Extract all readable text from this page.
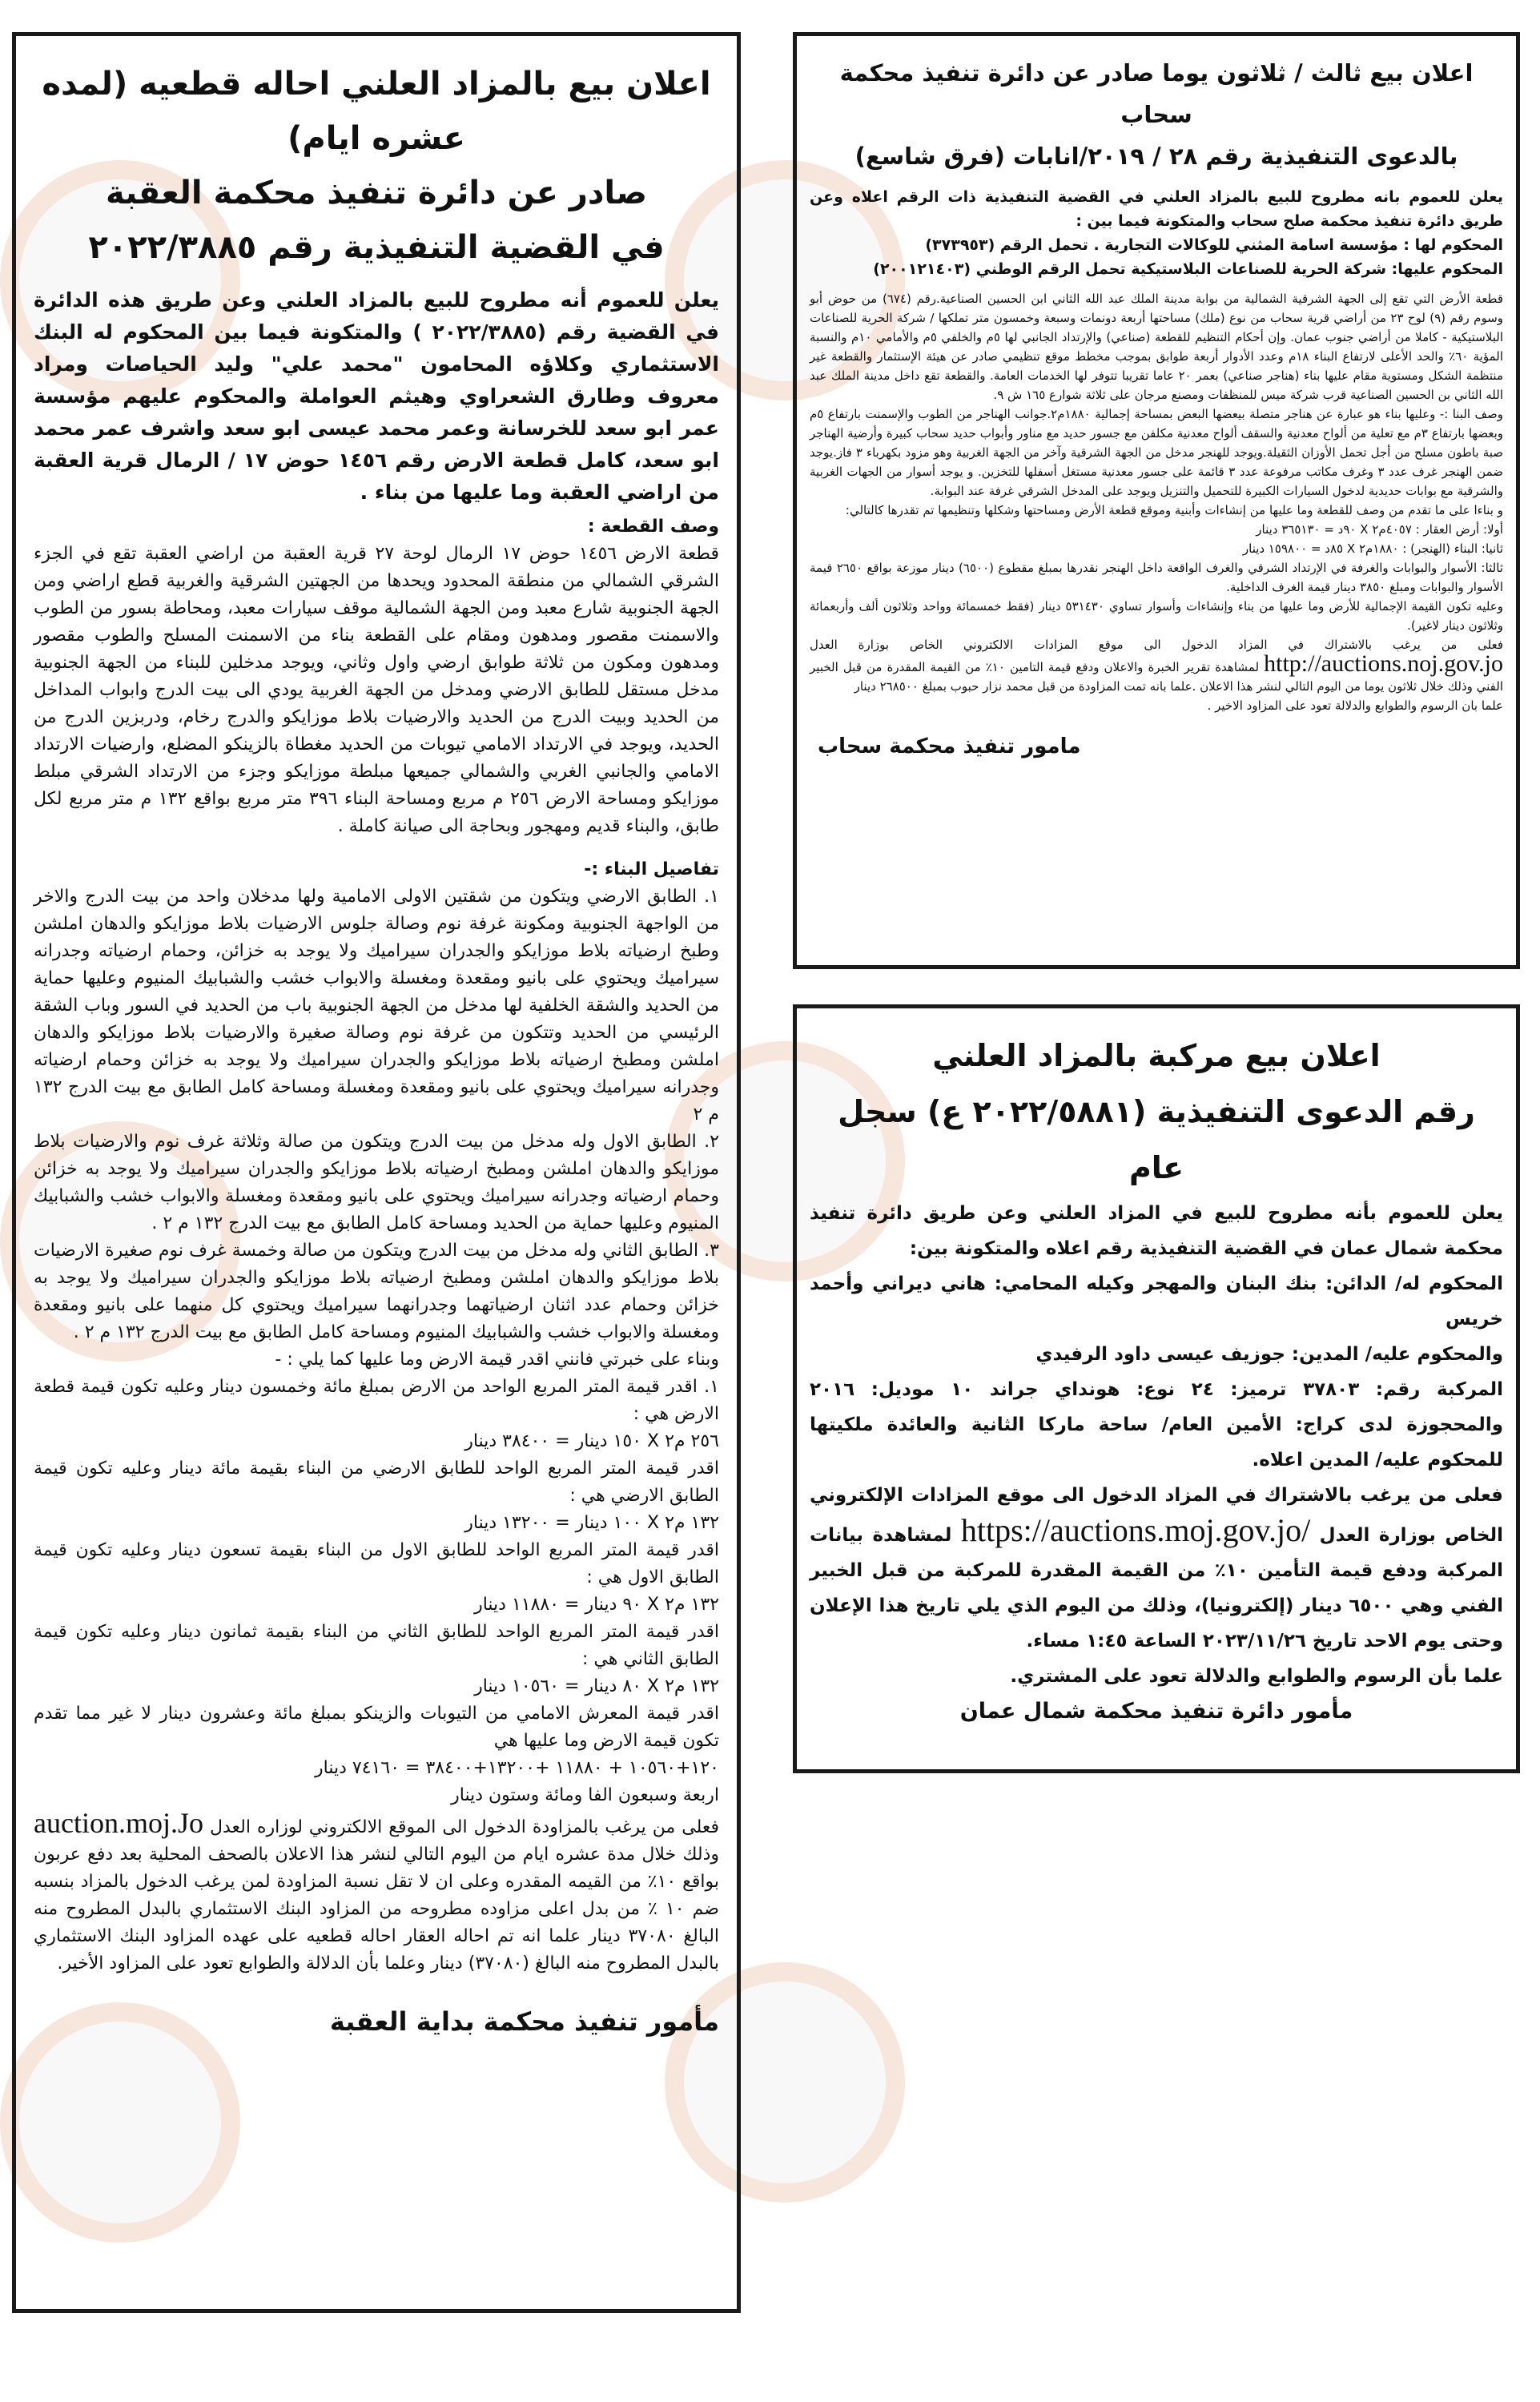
اعلان بيع بالمزاد العلني احاله قطعيه (لمده عشره ايام)
صادر عن دائرة تنفيذ محكمة العقبة
في القضية التنفيذية رقم ٢٠٢٢/٣٨٨٥

يعلن للعموم أنه مطروح للبيع بالمزاد العلني وعن طريق هذه الدائرة في القضية رقم (٢٠٢٢/٣٨٨٥ ) والمتكونة فيما بين المحكوم له البنك الاستثماري وكلاؤه المحامون "محمد علي" وليد الحياصات ومراد معروف وطارق الشعراوي وهيثم العواملة والمحكوم عليهم مؤسسة عمر ابو سعد للخرسانة وعمر محمد عيسى ابو سعد واشرف عمر محمد ابو سعد، كامل قطعة الارض رقم ١٤٥٦ حوض ١٧ / الرمال قرية العقبة من اراضي العقبة وما عليها من بناء .

وصف القطعة :

قطعة الارض ١٤٥٦ حوض ١٧ الرمال لوحة ٢٧ قرية العقبة من اراضي العقبة تقع في الجزء الشرقي الشمالي من منطقة المحدود ويحدها من الجهتين الشرقية والغربية قطع اراضي ومن الجهة الجنوبية شارع معبد ومن الجهة الشمالية موقف سيارات معبد، ومحاطة بسور من الطوب والاسمنت مقصور ومدهون ومقام على القطعة بناء من الاسمنت المسلح والطوب مقصور ومدهون ومكون من ثلاثة طوابق ارضي واول وثاني، ويوجد مدخلين للبناء من الجهة الجنوبية مدخل مستقل للطابق الارضي ومدخل من الجهة الغربية يودي الى بيت الدرج وابواب المداخل من الحديد وبيت الدرج من الحديد والارضيات بلاط موزايكو والدرج رخام، ودربزين الدرج من الحديد، ويوجد في الارتداد الامامي تيوبات من الحديد مغطاة بالزينكو المضلع، وارضيات الارتداد الامامي والجانبي الغربي والشمالي جميعها مبلطة موزايكو وجزء من الارتداد الشرقي مبلط موزايكو ومساحة الارض ٢٥٦ م مربع ومساحة البناء ٣٩٦ متر مربع بواقع ١٣٢ م متر مربع لكل طابق، والبناء قديم ومهجور وبحاجة الى صيانة كاملة .

تفاصيل البناء :-

١. الطابق الارضي ويتكون من شقتين الاولى الامامية ولها مدخلان واحد من بيت الدرج والاخر من الواجهة الجنوبية ومكونة غرفة نوم وصالة جلوس الارضيات بلاط موزايكو والدهان املشن وطبخ ارضياته بلاط موزايكو والجدران سيراميك ولا يوجد به خزائن، وحمام ارضياته وجدرانه سيراميك ويحتوي على بانيو ومقعدة ومغسلة والابواب خشب والشبابيك المنيوم وعليها حماية من الحديد والشقة الخلفية لها مدخل من الجهة الجنوبية باب من الحديد في السور وباب الشقة الرئيسي من الحديد وتتكون من غرفة نوم وصالة صغيرة والارضيات بلاط موزايكو والدهان املشن ومطبخ ارضياته بلاط موزايكو والجدران سيراميك ولا يوجد به خزائن وحمام ارضياته وجدرانه سيراميك ويحتوي على بانيو ومقعدة ومغسلة ومساحة كامل الطابق مع بيت الدرج ١٣٢ م ٢

٢. الطابق الاول وله مدخل من بيت الدرج ويتكون من صالة وثلاثة غرف نوم والارضيات بلاط موزايكو والدهان املشن ومطبخ ارضياته بلاط موزايكو والجدران سيراميك ولا يوجد به خزائن وحمام ارضياته وجدرانه سيراميك ويحتوي على بانيو ومقعدة ومغسلة والابواب خشب والشبابيك المنيوم وعليها حماية من الحديد ومساحة كامل الطابق مع بيت الدرج ١٣٢ م ٢ .

٣. الطابق الثاني وله مدخل من بيت الدرج ويتكون من صالة وخمسة غرف نوم صغيرة الارضيات بلاط موزايكو والدهان املشن ومطبخ ارضياته بلاط موزايكو والجدران سيراميك ولا يوجد به خزائن وحمام عدد اثنان ارضياتهما وجدرانهما سيراميك ويحتوي كل منهما على بانيو ومقعدة ومغسلة والابواب خشب والشبابيك المنيوم ومساحة كامل الطابق مع بيت الدرج ١٣٢ م ٢ .

وبناء على خبرتي فانني اقدر قيمة الارض وما عليها كما يلي : -

١. اقدر قيمة المتر المربع الواحد من الارض بمبلغ مائة وخمسون دينار وعليه تكون قيمة قطعة الارض هي :

٢٥٦ م٢ X ١٥٠ دينار = ٣٨٤٠٠ دينار

اقدر قيمة المتر المربع الواحد للطابق الارضي من البناء بقيمة مائة دينار وعليه تكون قيمة الطابق الارضي هي :

١٣٢ م٢ X ١٠٠ دينار = ١٣٢٠٠ دينار

اقدر قيمة المتر المربع الواحد للطابق الاول من البناء بقيمة تسعون دينار وعليه تكون قيمة الطابق الاول هي :

١٣٢ م٢ X ٩٠ دينار = ١١٨٨٠ دينار

اقدر قيمة المتر المربع الواحد للطابق الثاني من البناء بقيمة ثمانون دينار وعليه تكون قيمة الطابق الثاني هي :

١٣٢ م٢ X ٨٠ دينار = ١٠٥٦٠ دينار

اقدر قيمة المعرش الامامي من التيوبات والزينكو بمبلغ مائة وعشرون دينار لا غير مما تقدم تكون قيمة الارض وما عليها هي

١٢٠+١٠٥٦٠ + ١١٨٨٠ +١٣٢٠٠+٣٨٤٠٠ = ٧٤١٦٠ دينار

اربعة وسبعون الفا ومائة وستون دينار

فعلى من يرغب بالمزاودة الدخول الى الموقع الالكتروني لوزاره العدل auction.moj.Jo وذلك خلال مدة عشره ايام من اليوم التالي لنشر هذا الاعلان بالصحف المحلية بعد دفع عربون بواقع ١٠٪ من القيمه المقدره وعلى ان لا تقل نسبة المزاودة لمن يرغب الدخول بالمزاد بنسبه ضم ١٠ ٪ من بدل اعلى مزاوده مطروحه من المزاود البنك الاستثماري بالبدل المطروح منه البالغ ٣٧٠٨٠ دينار علما انه تم احاله العقار احاله قطعيه على عهده المزاود البنك الاستثماري بالبدل المطروح منه البالغ (٣٧٠٨٠) دينار وعلما بأن الدلالة والطوابع تعود على المزاود الأخير.

مأمور تنفيذ محكمة بداية العقبة

اعلان بيع ثالث / ثلاثون يوما صادر عن دائرة تنفيذ محكمة سحاب
بالدعوى التنفيذية رقم ٢٨ / ٢٠١٩/انابات (فرق شاسع)

يعلن للعموم بانه مطروح للبيع بالمزاد العلني في القضية التنفيذية ذات الرقم اعلاه وعن طريق دائرة تنفيذ محكمة صلح سحاب والمتكونة فيما بين :

المحكوم لها : مؤسسة اسامة المثني للوكالات التجارية . تحمل الرقم (٣٧٣٩٥٣)

المحكوم عليها: شركة الحرية للصناعات البلاستيكية تحمل الرقم الوطني (٢٠٠١٢١٤٠٣)

قطعة الأرض التي تقع إلى الجهة الشرقية الشمالية من بوابة مدينة الملك عبد الله الثاني ابن الحسين الصناعية.رقم (٦٧٤) من حوض أبو وسوم رقم (٩) لوح ٢٣ من أراضي قرية سحاب من نوع (ملك) مساحتها أربعة دونمات وسبعة وخمسون متر تملكها / شركة الحرية للصناعات البلاستيكية - كاملا من أراضي جنوب عمان. وإن أحكام التنظيم للقطعة (صناعي) والإرتداد الجانبي لها ٥م والخلفي ٥م والأمامي ١٠م والنسبة المؤية ٦٠٪ والحد الأعلى لارتفاع البناء ١٨م وعدد الأدوار أربعة طوابق بموجب مخطط موقع تنظيمي صادر عن هيئة الإستثمار والقطعة غير منتظمة الشكل ومستوية مقام عليها بناء (هناجر صناعي) بعمر ٢٠ عاما تقريبا تتوفر لها الخدمات العامة. والقطعة تقع داخل مدينة الملك عبد الله الثاني بن الحسين الصناعية قرب شركة ميس للمنظفات ومصنع مرجان على ثلاثة شوارع ١٦٥ ش ٩.

وصف البنا :- وعليها بناء هو عبارة عن هناجر متصلة بيعضها البعض بمساحة إجمالية ١٨٨٠م٢.جوانب الهناجر من الطوب والإسمنت بارتفاع ٥م وبعضها بارتفاع ٣م مع تعلية من ألواح معدنية والسقف ألواح معدنية مكلفن مع جسور حديد مع مناور وأبواب حديد سحاب كبيرة وأرضية الهناجر صبة باطون مسلح من أجل تحمل الأوزان الثقيلة.ويوجد للهنجر مدخل من الجهة الشرقية وآخر من الجهة الغربية وهو مزود بكهرباء ٣ فاز.يوجد ضمن الهنجر غرف عدد ٣ وغرف مكاتب مرفوعة عدد ٣ قائمة على جسور معدنية مستغل أسفلها للتخزين. و يوجد أسوار من الجهات الغربية والشرقية مع بوابات حديدية لدخول السيارات الكبيرة للتحميل والتنزيل ويوجد على المدخل الشرقي غرفة عند البوابة.

و بناءا على ما تقدم من وصف للقطعة وما عليها من إنشاءات وأبنية وموقع قطعة الأرض ومساحتها وشكلها وتنظيمها تم تقدرها كالتالي:

أولا: أرض العقار : ٤٠٥٧م٢ X ٩٠د = ٣٦٥١٣٠ دينار

ثانيا: البناء (الهنجر) : ١٨٨٠م٢ X ٨٥د = ١٥٩٨٠٠ دينار

ثالثا: الأسوار والبوابات والغرفة في الإرتداد الشرقي والغرف الواقعة داخل الهنجر نقدرها بمبلغ مقطوع (٦٥٠٠) دينار موزعة بواقع ٢٦٥٠ قيمة الأسوار والبوابات ومبلغ ٣٨٥٠ دينار قيمة الغرف الداخلية.

وعليه تكون القيمة الإجمالية للأرض وما عليها من بناء وإنشاءات وأسوار تساوي ٥٣١٤٣٠ دينار (فقط خمسمائة وواحد وثلاثون ألف وأربعمائة وثلاثون دينار لاغير).

فعلى من يرغب بالاشتراك في المزاد الدخول الى موقع المزادات الالكتروني الخاص بوزارة العدل http://auctions.noj.gov.jo لمشاهدة تقرير الخبرة والاعلان ودفع قيمة التامين ١٠٪ من القيمة المقدرة من قبل الخبير الفني وذلك خلال ثلاثون يوما من اليوم التالي لنشر هذا الاعلان .علما بانه تمت المزاودة من قبل محمد نزار حبوب بمبلغ ٢٦٨٥٠٠ دينار

علما بان الرسوم والطوابع والدلالة تعود على المزاود الاخير .

مامور تنفيذ محكمة سحاب

اعلان بيع مركبة بالمزاد العلني
رقم الدعوى التنفيذية (٢٠٢٢/٥٨٨١ ع) سجل عام

يعلن للعموم بأنه مطروح للبيع في المزاد العلني وعن طريق دائرة تنفيذ محكمة شمال عمان في القضية التنفيذية رقم اعلاه والمتكونة بين:

المحكوم له/ الدائن: بنك البنان والمهجر وكيله المحامي: هاني ديراني وأحمد خريس

والمحكوم عليه/ المدين: جوزيف عيسى داود الرفيدي

المركبة رقم: ٣٧٨٠٣ ترميز: ٢٤ نوع: هونداي جراند ١٠ موديل: ٢٠١٦ والمحجوزة لدى كراج: الأمين العام/ ساحة ماركا الثانية والعائدة ملكيتها للمحكوم عليه/ المدين اعلاه.

فعلى من يرغب بالاشتراك في المزاد الدخول الى موقع المزادات الإلكتروني الخاص بوزارة العدل https://auctions.moj.gov.jo/ لمشاهدة بيانات المركبة ودفع قيمة التأمين ١٠٪ من القيمة المقدرة للمركبة من قبل الخبير الفني وهي ٦٥٠٠ دينار (إلكترونيا)، وذلك من اليوم الذي يلي تاريخ هذا الإعلان وحتى يوم الاحد تاريخ ٢٠٢٣/١١/٢٦ الساعة ١:٤٥ مساء.

علما بأن الرسوم والطوابع والدلالة تعود على المشتري.

مأمور دائرة تنفيذ محكمة شمال عمان
